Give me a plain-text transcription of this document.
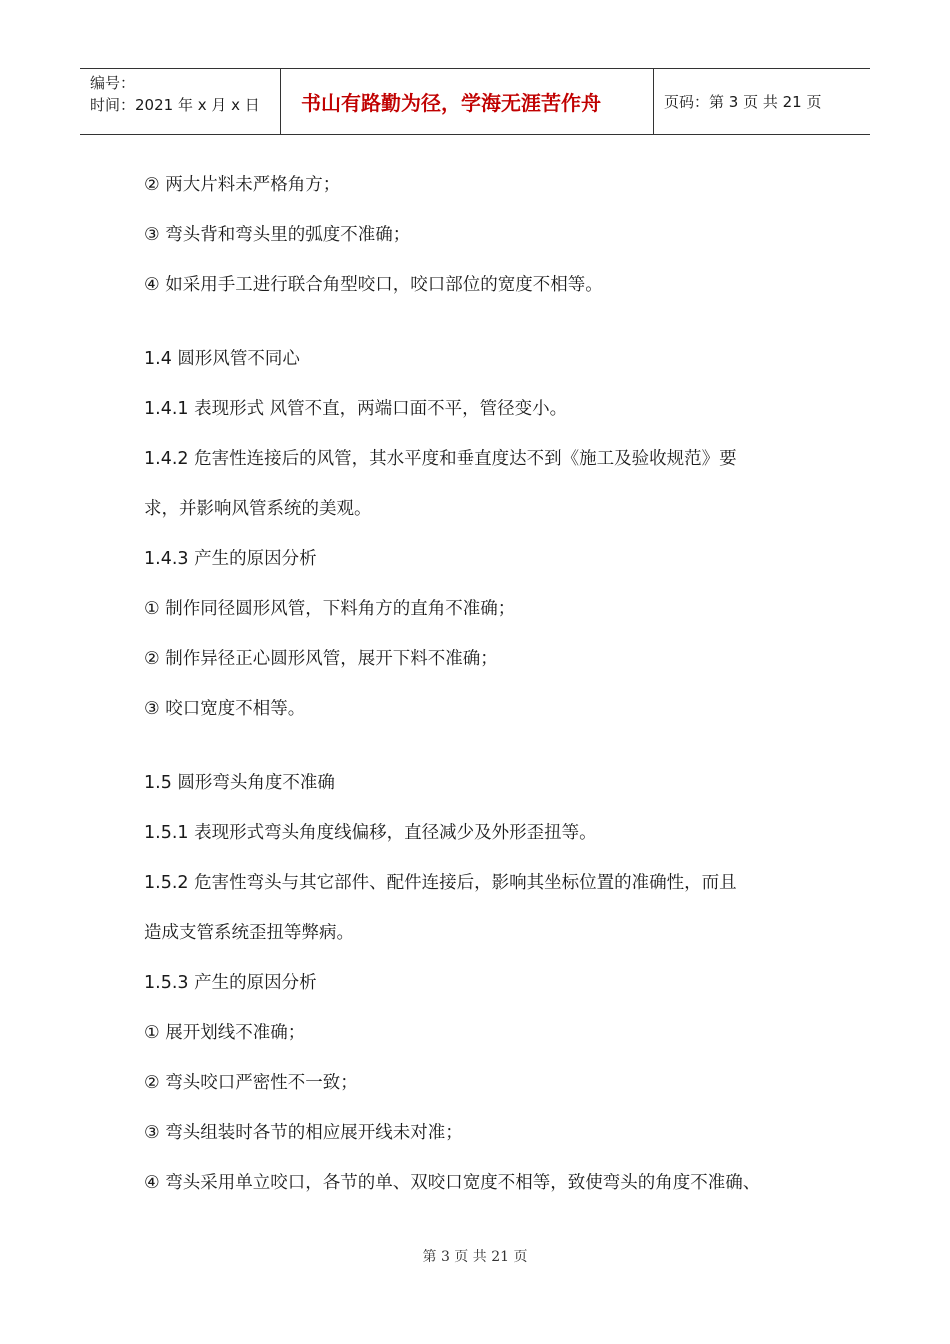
编号：
时间：2021 年 x 月 x 日	书山有路勤为径，学海无涯苦作舟	页码：第 3 页 共 21 页
② 两大片料未严格角方；
③ 弯头背和弯头里的弧度不准确；
④ 如采用手工进行联合角型咬口，咬口部位的宽度不相等。
1.4 圆形风管不同心
1.4.1 表现形式 风管不直，两端口面不平，管径变小。
1.4.2 危害性连接后的风管，其水平度和垂直度达不到《施工及验收规范》要
求，并影响风管系统的美观。
1.4.3 产生的原因分析
① 制作同径圆形风管，下料角方的直角不准确；
② 制作异径正心圆形风管，展开下料不准确；
③ 咬口宽度不相等。
1.5 圆形弯头角度不准确
1.5.1 表现形式弯头角度线偏移，直径减少及外形歪扭等。
1.5.2 危害性弯头与其它部件、配件连接后，影响其坐标位置的准确性，而且
造成支管系统歪扭等弊病。
1.5.3 产生的原因分析
① 展开划线不准确；
② 弯头咬口严密性不一致；
③ 弯头组装时各节的相应展开线未对准；
④ 弯头采用单立咬口，各节的单、双咬口宽度不相等，致使弯头的角度不准确、
第 3 页 共 21 页
